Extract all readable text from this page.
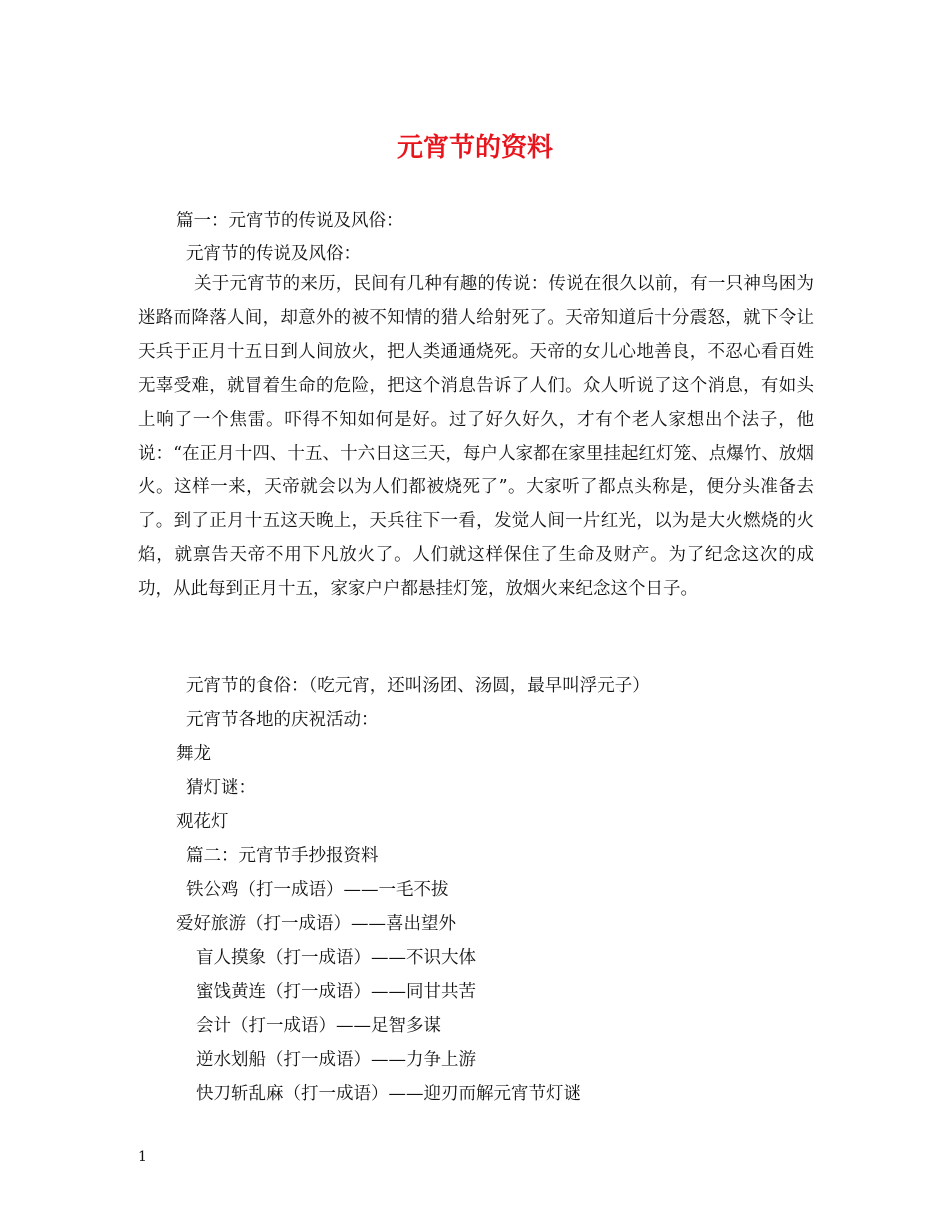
元宵节的资料

篇一：元宵节的传说及风俗：

元宵节的传说及风俗：

关于元宵节的来历，民间有几种有趣的传说：传说在很久以前，有一只神鸟困为迷路而降落人间，却意外的被不知情的猎人给射死了。天帝知道后十分震怒，就下令让天兵于正月十五日到人间放火，把人类通通烧死。天帝的女儿心地善良，不忍心看百姓无辜受难，就冒着生命的危险，把这个消息告诉了人们。众人听说了这个消息，有如头上响了一个焦雷。吓得不知如何是好。过了好久好久，才有个老人家想出个法子，他说：“在正月十四、十五、十六日这三天，每户人家都在家里挂起红灯笼、点爆竹、放烟火。这样一来，天帝就会以为人们都被烧死了”。大家听了都点头称是，便分头准备去了。到了正月十五这天晚上，天兵往下一看，发觉人间一片红光，以为是大火燃烧的火焰，就禀告天帝不用下凡放火了。人们就这样保住了生命及财产。为了纪念这次的成功，从此每到正月十五，家家户户都悬挂灯笼，放烟火来纪念这个日子。

元宵节的食俗：（吃元宵，还叫汤团、汤圆，最早叫浮元子）

元宵节各地的庆祝活动：

舞龙

猜灯谜：

观花灯

篇二：元宵节手抄报资料

铁公鸡（打一成语）——一毛不拔

爱好旅游（打一成语）——喜出望外

盲人摸象（打一成语）——不识大体

蜜饯黄连（打一成语）——同甘共苦

会计（打一成语）——足智多谋

逆水划船（打一成语）——力争上游

快刀斩乱麻（打一成语）——迎刃而解元宵节灯谜

1
